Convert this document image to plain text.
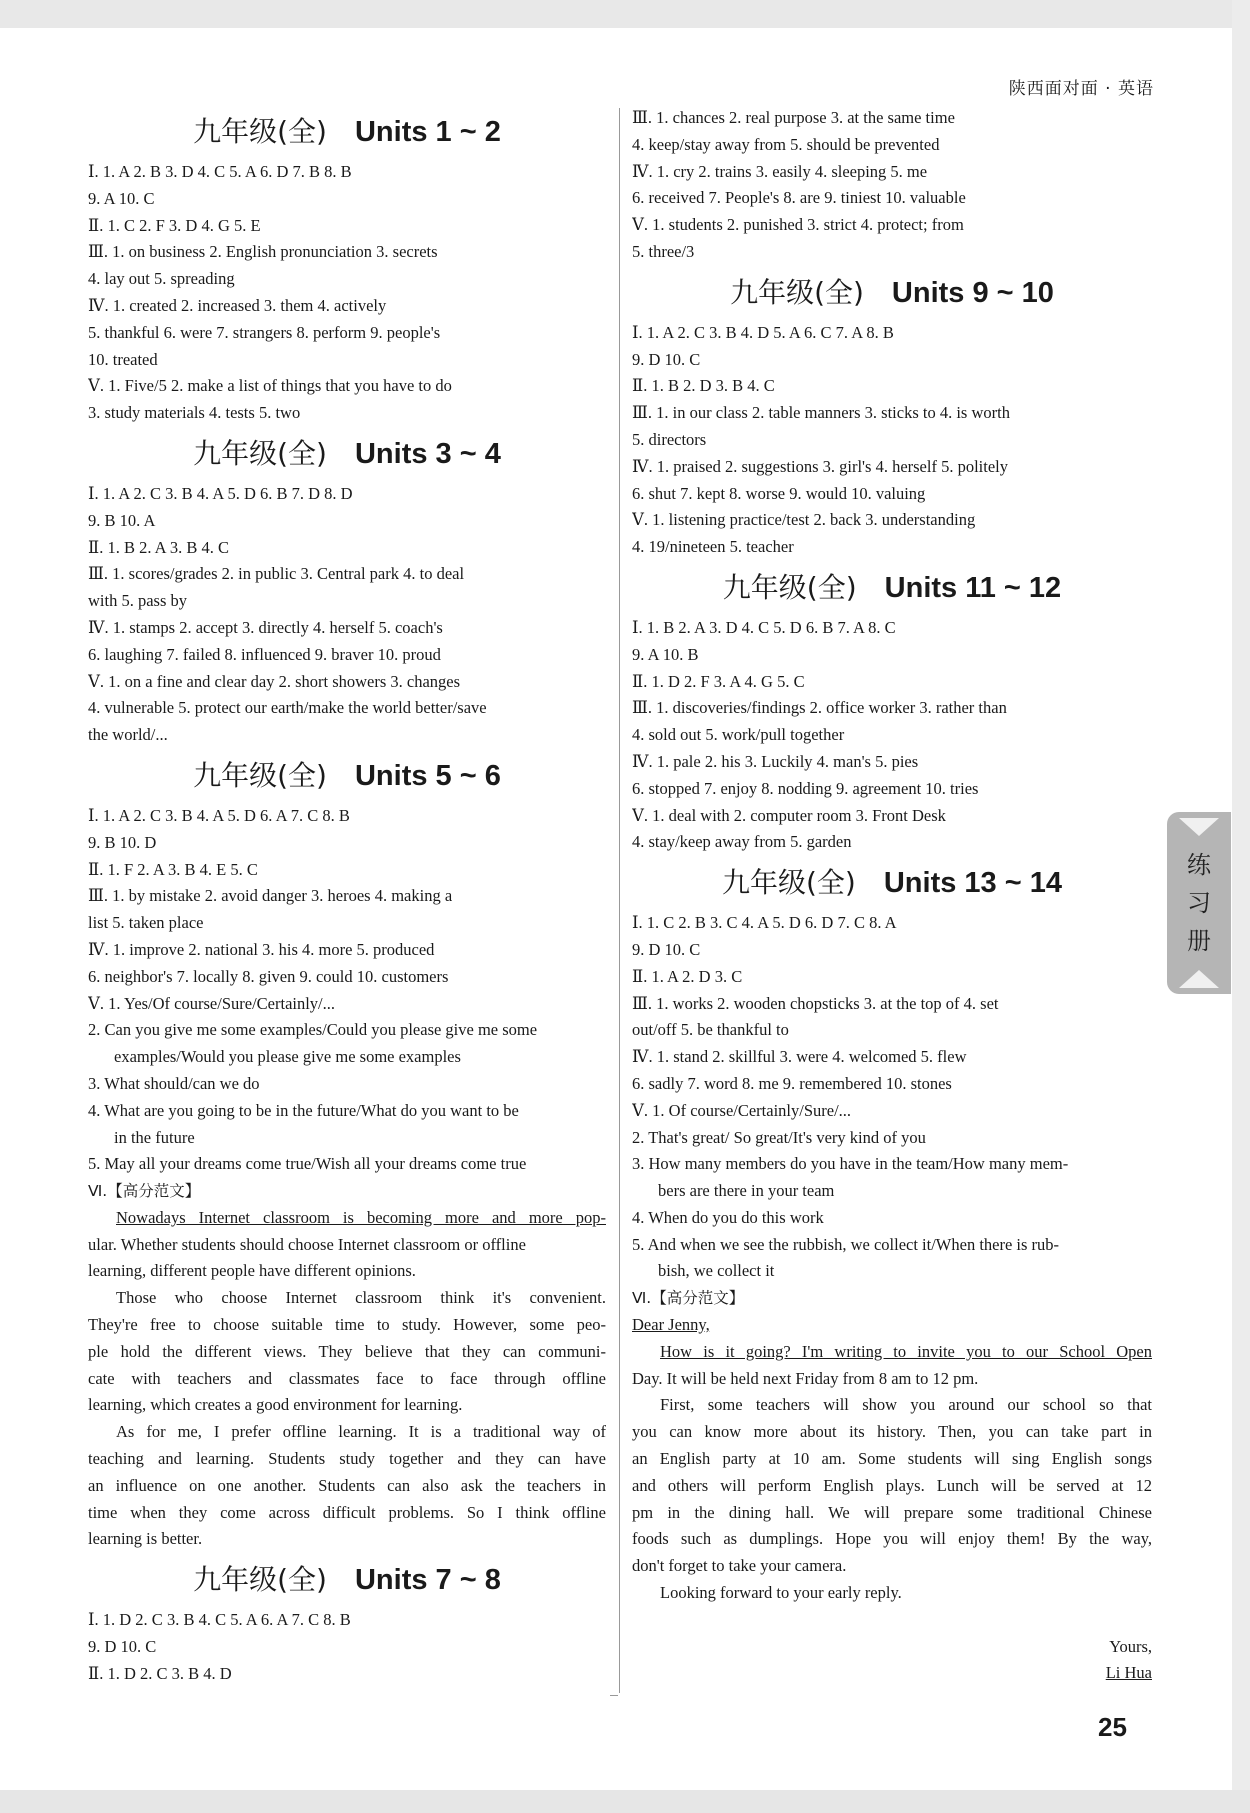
陕西面对面 · 英语
九年级(全) Units 1 ~ 2
Ⅰ. 1. A 2. B 3. D 4. C 5. A 6. D 7. B 8. B
9. A 10. C
Ⅱ. 1. C 2. F 3. D 4. G 5. E
Ⅲ. 1. on business 2. English pronunciation 3. secrets
4. lay out 5. spreading
Ⅳ. 1. created 2. increased 3. them 4. actively
5. thankful 6. were 7. strangers 8. perform 9. people's
10. treated
Ⅴ. 1. Five/5 2. make a list of things that you have to do
3. study materials 4. tests 5. two
九年级(全) Units 3 ~ 4
Ⅰ. 1. A 2. C 3. B 4. A 5. D 6. B 7. D 8. D
9. B 10. A
Ⅱ. 1. B 2. A 3. B 4. C
Ⅲ. 1. scores/grades 2. in public 3. Central park 4. to deal
with 5. pass by
Ⅳ. 1. stamps 2. accept 3. directly 4. herself 5. coach's
6. laughing 7. failed 8. influenced 9. braver 10. proud
Ⅴ. 1. on a fine and clear day 2. short showers 3. changes
4. vulnerable 5. protect our earth/make the world better/save
the world/...
九年级(全) Units 5 ~ 6
Ⅰ. 1. A 2. C 3. B 4. A 5. D 6. A 7. C 8. B
9. B 10. D
Ⅱ. 1. F 2. A 3. B 4. E 5. C
Ⅲ. 1. by mistake 2. avoid danger 3. heroes 4. making a
list 5. taken place
Ⅳ. 1. improve 2. national 3. his 4. more 5. produced
6. neighbor's 7. locally 8. given 9. could 10. customers
Ⅴ. 1. Yes/Of course/Sure/Certainly/...
2. Can you give me some examples/Could you please give me some
examples/Would you please give me some examples
3. What should/can we do
4. What are you going to be in the future/What do you want to be
in the future
5. May all your dreams come true/Wish all your dreams come true
Ⅵ.【高分范文】
Nowadays Internet classroom is becoming more and more pop-
ular. Whether students should choose Internet classroom or offline
learning, different people have different opinions.
Those who choose Internet classroom think it's convenient.
They're free to choose suitable time to study. However, some peo-
ple hold the different views. They believe that they can communi-
cate with teachers and classmates face to face through offline
learning, which creates a good environment for learning.
As for me, I prefer offline learning. It is a traditional way of
teaching and learning. Students study together and they can have
an influence on one another. Students can also ask the teachers in
time when they come across difficult problems. So I think offline
learning is better.
九年级(全) Units 7 ~ 8
Ⅰ. 1. D 2. C 3. B 4. C 5. A 6. A 7. C 8. B
9. D 10. C
Ⅱ. 1. D 2. C 3. B 4. D
Ⅲ. 1. chances 2. real purpose 3. at the same time
4. keep/stay away from 5. should be prevented
Ⅳ. 1. cry 2. trains 3. easily 4. sleeping 5. me
6. received 7. People's 8. are 9. tiniest 10. valuable
Ⅴ. 1. students 2. punished 3. strict 4. protect; from
5. three/3
九年级(全) Units 9 ~ 10
Ⅰ. 1. A 2. C 3. B 4. D 5. A 6. C 7. A 8. B
9. D 10. C
Ⅱ. 1. B 2. D 3. B 4. C
Ⅲ. 1. in our class 2. table manners 3. sticks to 4. is worth
5. directors
Ⅳ. 1. praised 2. suggestions 3. girl's 4. herself 5. politely
6. shut 7. kept 8. worse 9. would 10. valuing
Ⅴ. 1. listening practice/test 2. back 3. understanding
4. 19/nineteen 5. teacher
九年级(全) Units 11 ~ 12
Ⅰ. 1. B 2. A 3. D 4. C 5. D 6. B 7. A 8. C
9. A 10. B
Ⅱ. 1. D 2. F 3. A 4. G 5. C
Ⅲ. 1. discoveries/findings 2. office worker 3. rather than
4. sold out 5. work/pull together
Ⅳ. 1. pale 2. his 3. Luckily 4. man's 5. pies
6. stopped 7. enjoy 8. nodding 9. agreement 10. tries
Ⅴ. 1. deal with 2. computer room 3. Front Desk
4. stay/keep away from 5. garden
九年级(全) Units 13 ~ 14
Ⅰ. 1. C 2. B 3. C 4. A 5. D 6. D 7. C 8. A
9. D 10. C
Ⅱ. 1. A 2. D 3. C
Ⅲ. 1. works 2. wooden chopsticks 3. at the top of 4. set
out/off 5. be thankful to
Ⅳ. 1. stand 2. skillful 3. were 4. welcomed 5. flew
6. sadly 7. word 8. me 9. remembered 10. stones
Ⅴ. 1. Of course/Certainly/Sure/...
2. That's great/ So great/It's very kind of you
3. How many members do you have in the team/How many mem-
bers are there in your team
4. When do you do this work
5. And when we see the rubbish, we collect it/When there is rub-
bish, we collect it
Ⅵ.【高分范文】
Dear Jenny,
How is it going? I'm writing to invite you to our School Open
Day. It will be held next Friday from 8 am to 12 pm.
First, some teachers will show you around our school so that
you can know more about its history. Then, you can take part in
an English party at 10 am. Some students will sing English songs
and others will perform English plays. Lunch will be served at 12
pm in the dining hall. We will prepare some traditional Chinese
foods such as dumplings. Hope you will enjoy them! By the way,
don't forget to take your camera.
Looking forward to your early reply.

Yours,
Li Hua
练
习
册
25
